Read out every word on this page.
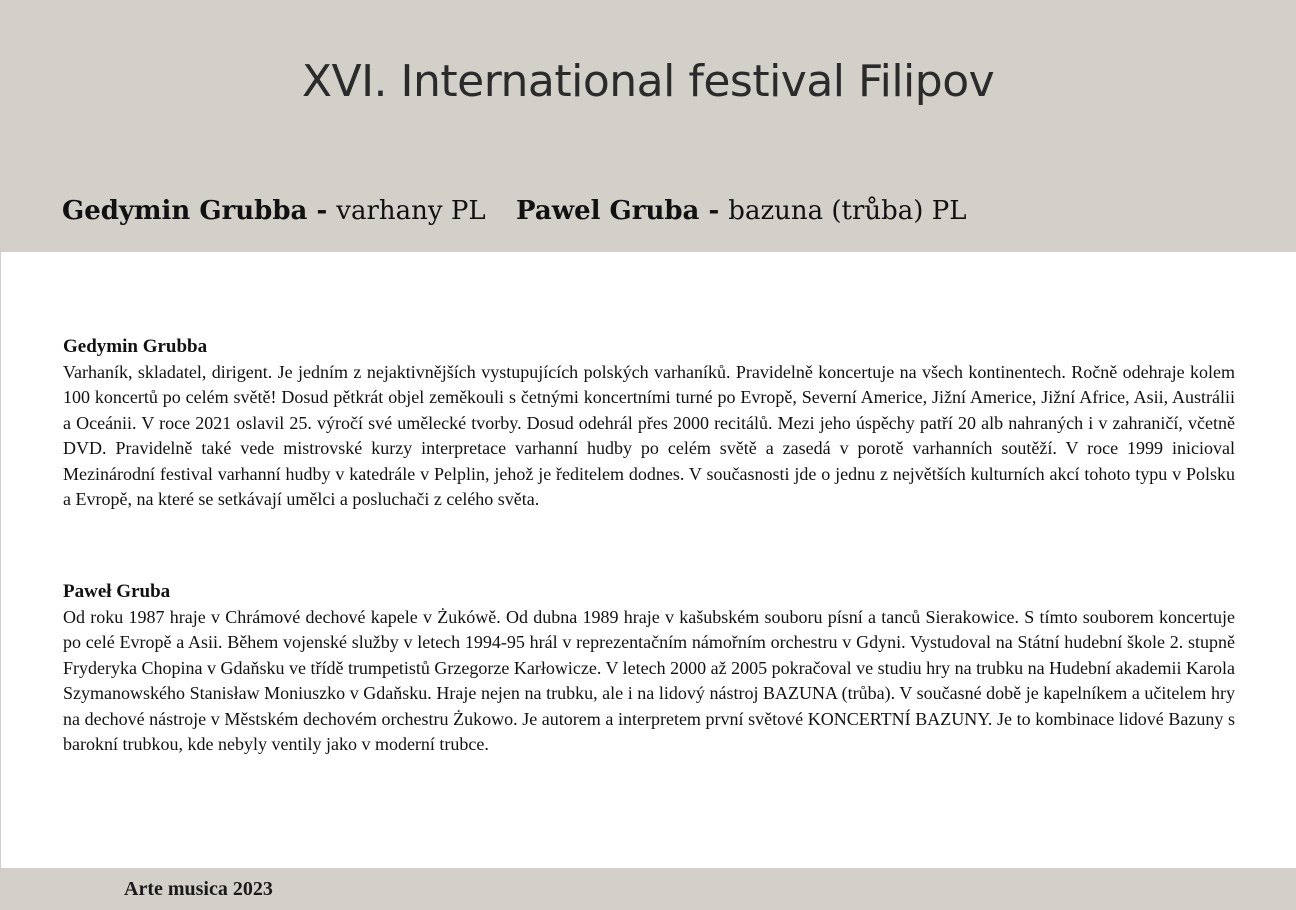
XVI. International festival Filipov
Gedymin Grubba - varhany PL Pawel Gruba - bazuna (trůba) PL

Gedymin Grubba

Varhaník, skladatel, dirigent. Je jedním z nejaktivnějších vystupujících polských varhaníků. Pravidelně koncertuje na všech kontinentech. Ročně odehraje kolem 100 koncertů po celém světě! Dosud pětkrát objel zeměkouli s četnými koncertními turné po Evropě, Severní Americe, Jižní Americe, Jižní Africe, Asii, Austrálii a Oceánii. V roce 2021 oslavil 25. výročí své umělecké tvorby. Dosud odehrál přes 2000 recitálů. Mezi jeho úspěchy patří 20 alb nahraných i v zahraničí, včetně DVD. Pravidelně také vede mistrovské kurzy interpretace varhanní hudby po celém světě a zasedá v porotě varhanních soutěží. V roce 1999 inicioval Mezinárodní festival varhanní hudby v katedrále v Pelplin, jehož je ředitelem dodnes. V současnosti jde o jednu z největších kulturních akcí tohoto typu v Polsku a Evropě, na které se setkávají umělci a posluchači z celého světa.

Paweł Gruba

Od roku 1987 hraje v Chrámové dechové kapele v Żukówě. Od dubna 1989 hraje v kašubském souboru písní a tanců Sierakowice. S tímto souborem koncertuje po celé Evropě a Asii. Během vojenské služby v letech 1994-95 hrál v reprezentačním námořním orchestru v Gdyni. Vystudoval na Státní hudební škole 2. stupně Fryderyka Chopina v Gdaňsku ve třídě trumpetistů Grzegorze Karłowicze. V letech 2000 až 2005 pokračoval ve studiu hry na trubku na Hudební akademii Karola Szymanowského Stanisław Moniuszko v Gdaňsku. Hraje nejen na trubku, ale i na lidový nástroj BAZUNA (trůba). V současné době je kapelníkem a učitelem hry na dechové nástroje v Městském dechovém orchestru Żukowo. Je autorem a interpretem první světové KONCERTNÍ BAZUNY. Je to kombinace lidové Bazuny s barokní trubkou, kde nebyly ventily jako v moderní trubce.

Arte musica 2023
